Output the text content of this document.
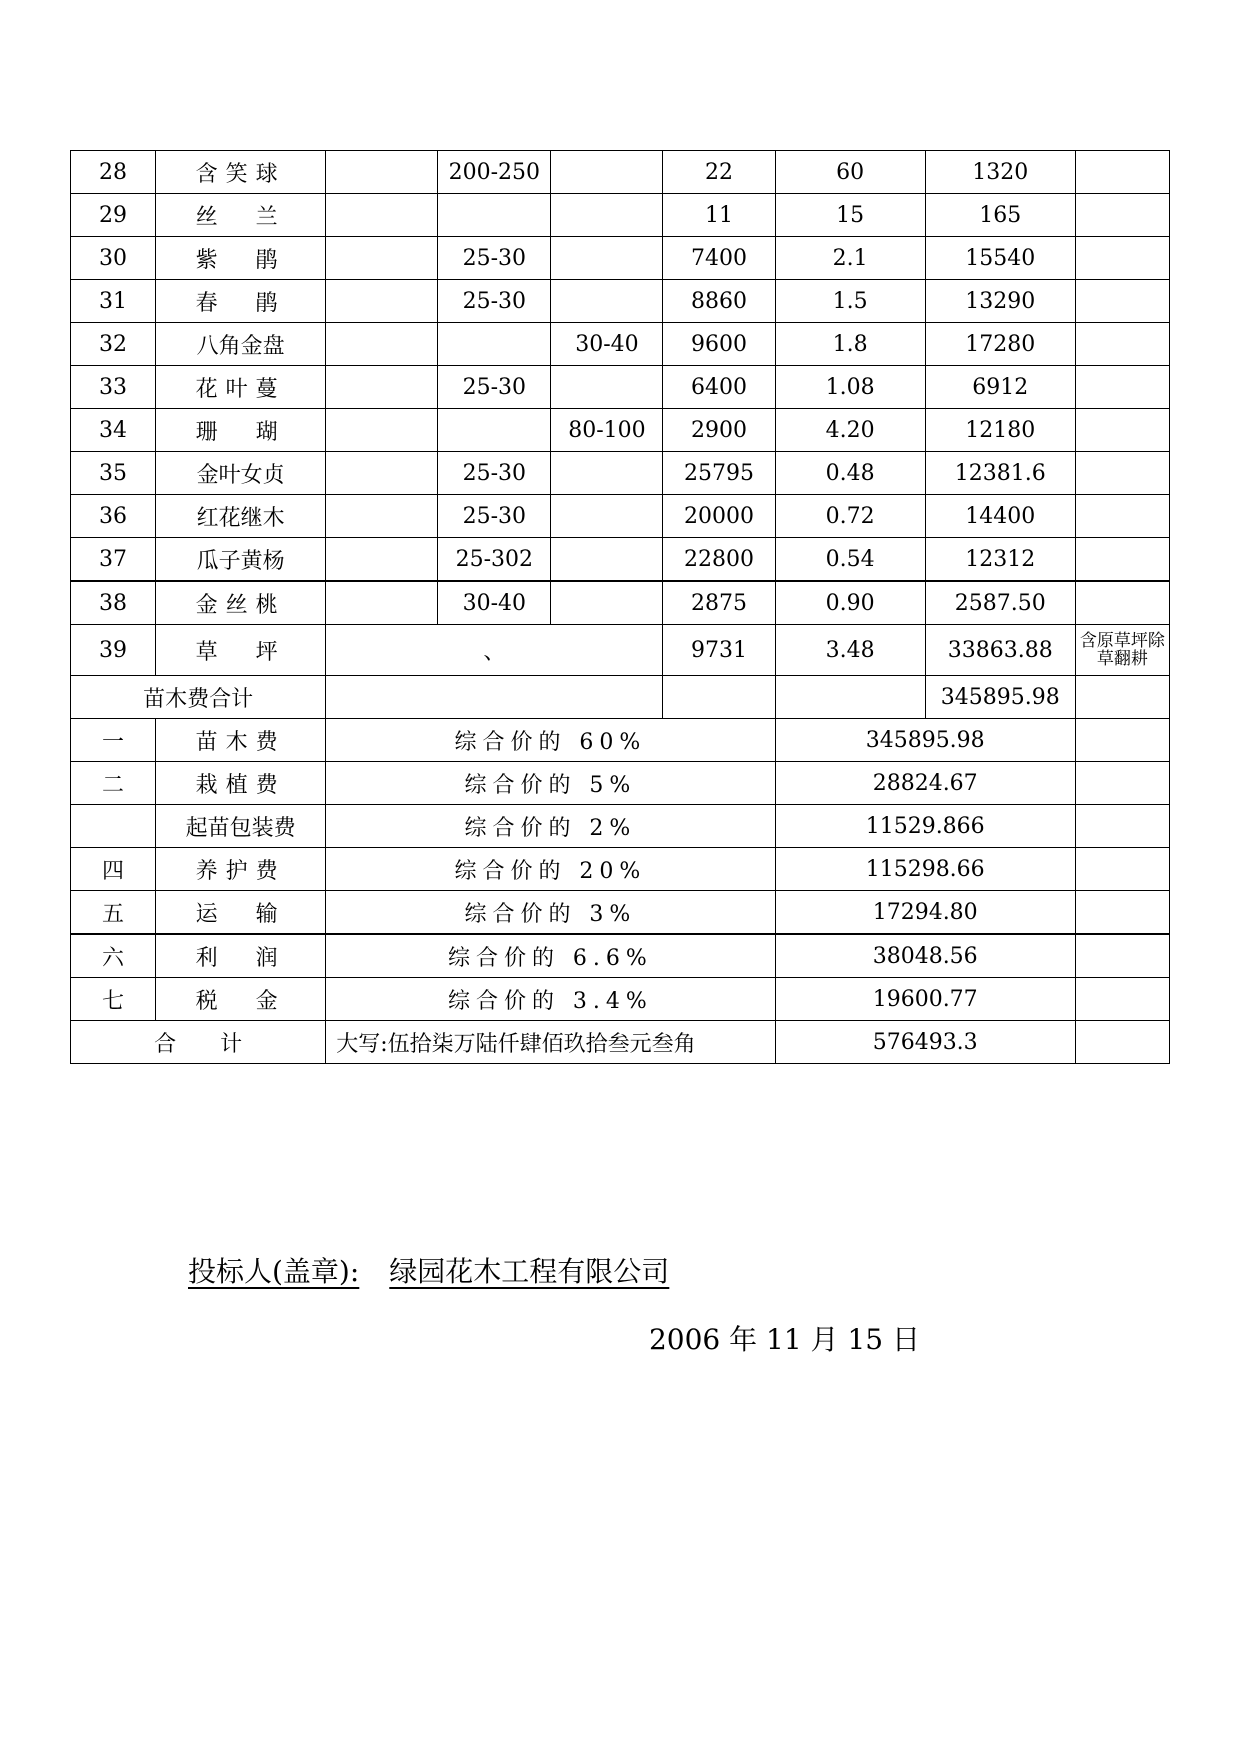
28	含笑球		200-250		22	60	1320	
29	丝　兰				11	15	165	
30	紫　鹃		25-30		7400	2.1	15540	
31	春　鹃		25-30		8860	1.5	13290	
32	八角金盘			30-40	9600	1.8	17280	
33	花叶蔓		25-30		6400	1.08	6912	
34	珊　瑚			80-100	2900	4.20	12180	
35	金叶女贞		25-30		25795	0.48	12381.6	
36	红花继木		25-30		20000	0.72	14400	
37	瓜子黄杨		25-302		22800	0.54	12312	
38	金丝桃		30-40		2875	0.90	2587.50	
39	草　坪	、			9731	3.48	33863.88	含原草坪除草翻耕
苗木费合计							345895.98	
一	苗木费	综合价的 60%				345895.98		
二	栽植费	综合价的 5%				28824.67		
	起苗包装费	综合价的 2%				11529.866		
四	养护费	综合价的 20%				115298.66		
五	运　输	综合价的 3%				17294.80		
六	利　润	综合价的 6.6%				38048.56		
七	税　金	综合价的 3.4%				19600.77		
合　　计		大写:伍拾柒万陆仟肆佰玖拾叁元叁角				576493.3		
投标人(盖章): 绿园花木工程有限公司
2006 年 11 月 15 日
